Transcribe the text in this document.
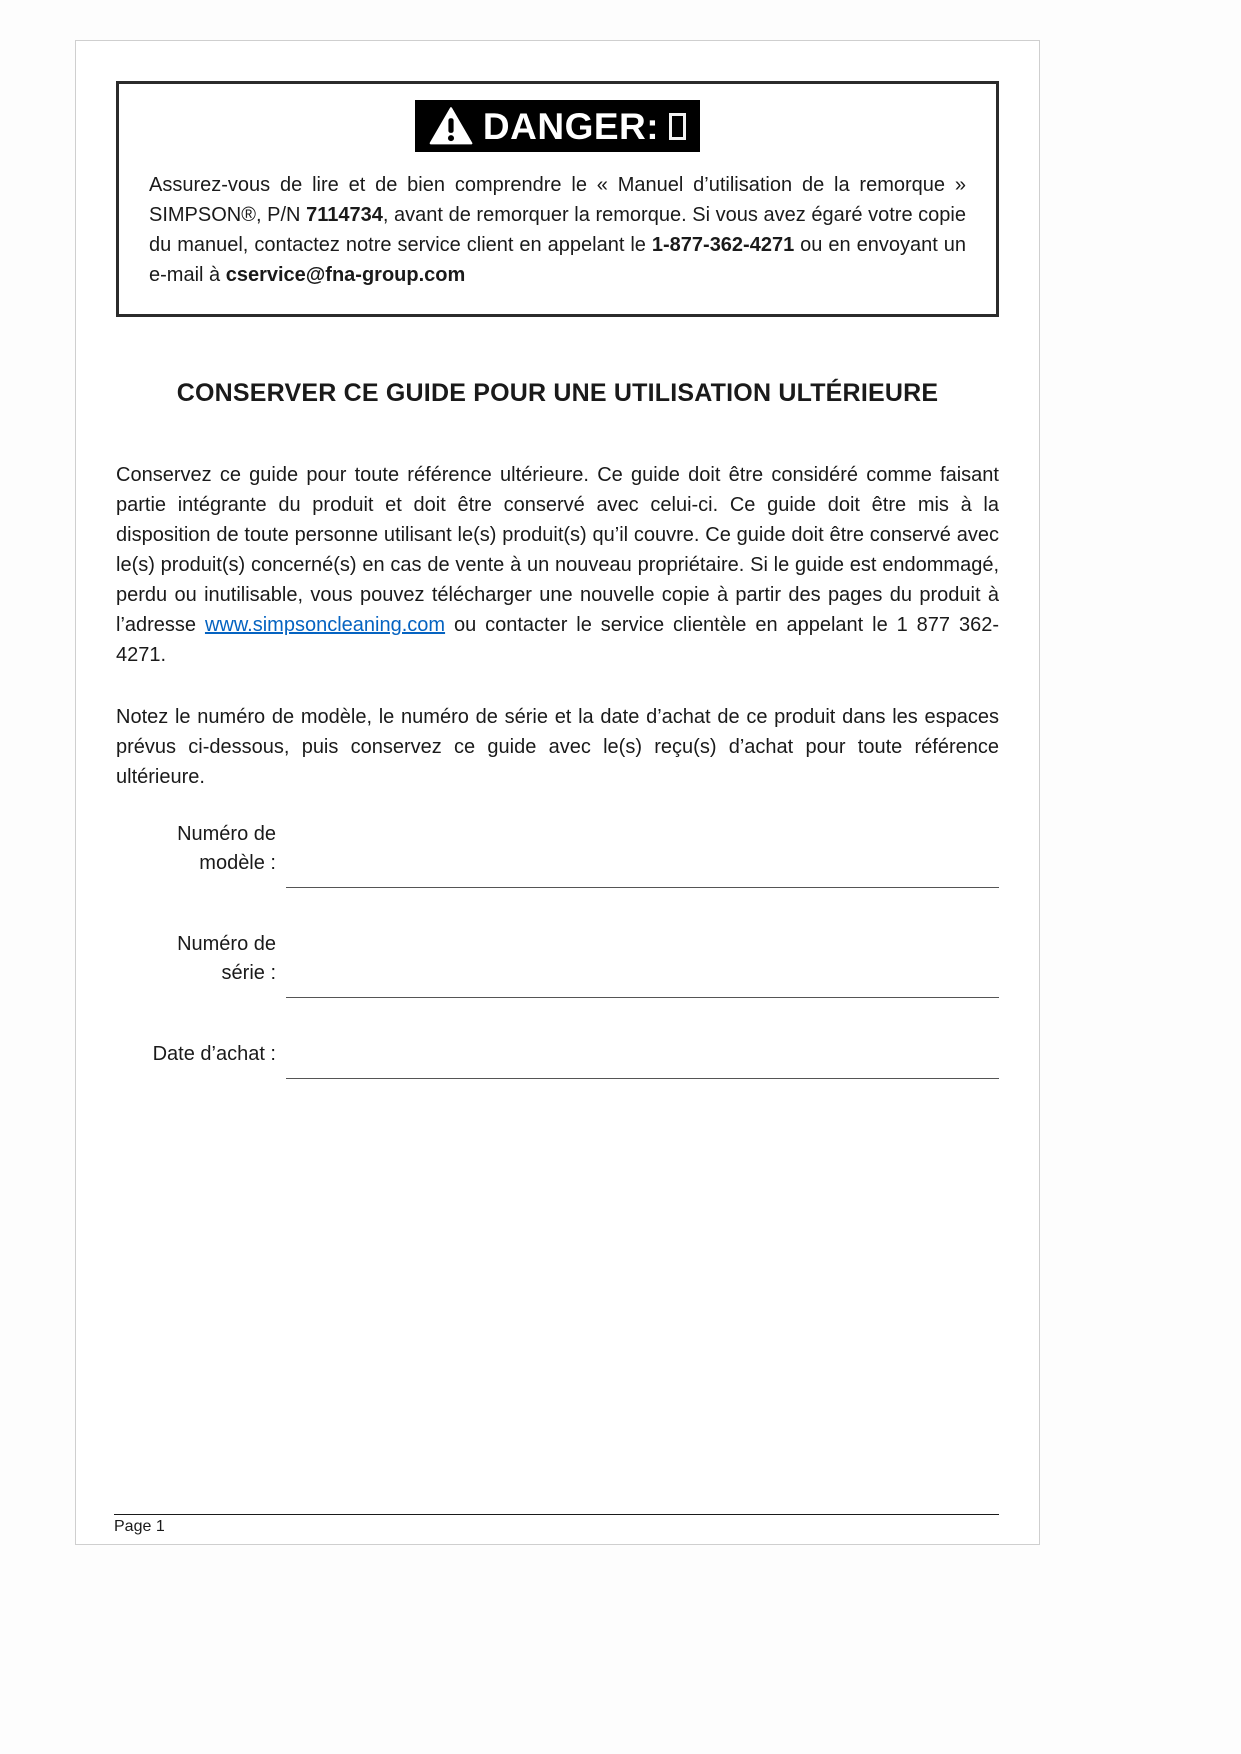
DANGER:

Assurez-vous de lire et de bien comprendre le « Manuel d’utilisation de la remorque » SIMPSON®, P/N 7114734, avant de remorquer la remorque. Si vous avez égaré votre copie du manuel, contactez notre service client en appelant le 1-877-362-4271 ou en envoyant un e-mail à cservice@fna-group.com

CONSERVER CE GUIDE POUR UNE UTILISATION ULTÉRIEURE

Conservez ce guide pour toute référence ultérieure. Ce guide doit être considéré comme faisant partie intégrante du produit et doit être conservé avec celui-ci. Ce guide doit être mis à la disposition de toute personne utilisant le(s) produit(s) qu’il couvre. Ce guide doit être conservé avec le(s) produit(s) concerné(s) en cas de vente à un nouveau propriétaire. Si le guide est endommagé, perdu ou inutilisable, vous pouvez télécharger une nouvelle copie à partir des pages du produit à l’adresse www.simpsoncleaning.com ou contacter le service clientèle en appelant le 1 877 362-4271.

Notez le numéro de modèle, le numéro de série et la date d’achat de ce produit dans les espaces prévus ci-dessous, puis conservez ce guide avec le(s) reçu(s) d’achat pour toute référence ultérieure.

Numéro de modèle :
Numéro de série :
Date d’achat :
Page 1
